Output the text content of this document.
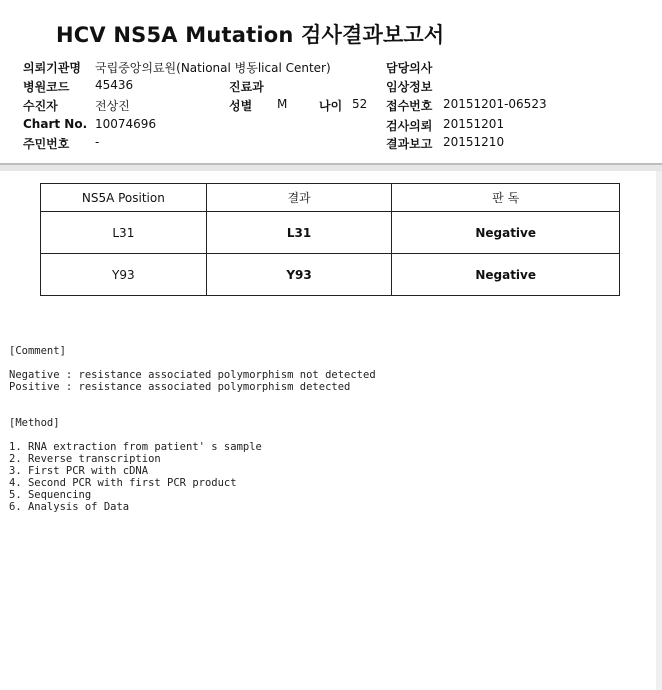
HCV NS5A Mutation 검사결과보고서
의뢰기관명 국립중앙의료원(National 병동lical Center)
병원코드 45436
수진자	전상진
Chart No. 10074696
주민번호 -
진료과
성별 M	나이 52
담당의사
임상정보
접수번호 20151201-06523
검사의뢰 20151201
결과보고 20151210
NS5A Position	결과	판 독
L31	L31	Negative
Y93	Y93	Negative
[Comment]
Negative : resistance associated polymorphism not detected
Positive : resistance associated polymorphism detected
[Method]
1. RNA extraction from patient' s sample
2. Reverse transcription
3. First PCR with cDNA
4. Second PCR with first PCR product
5. Sequencing
6. Analysis of Data
